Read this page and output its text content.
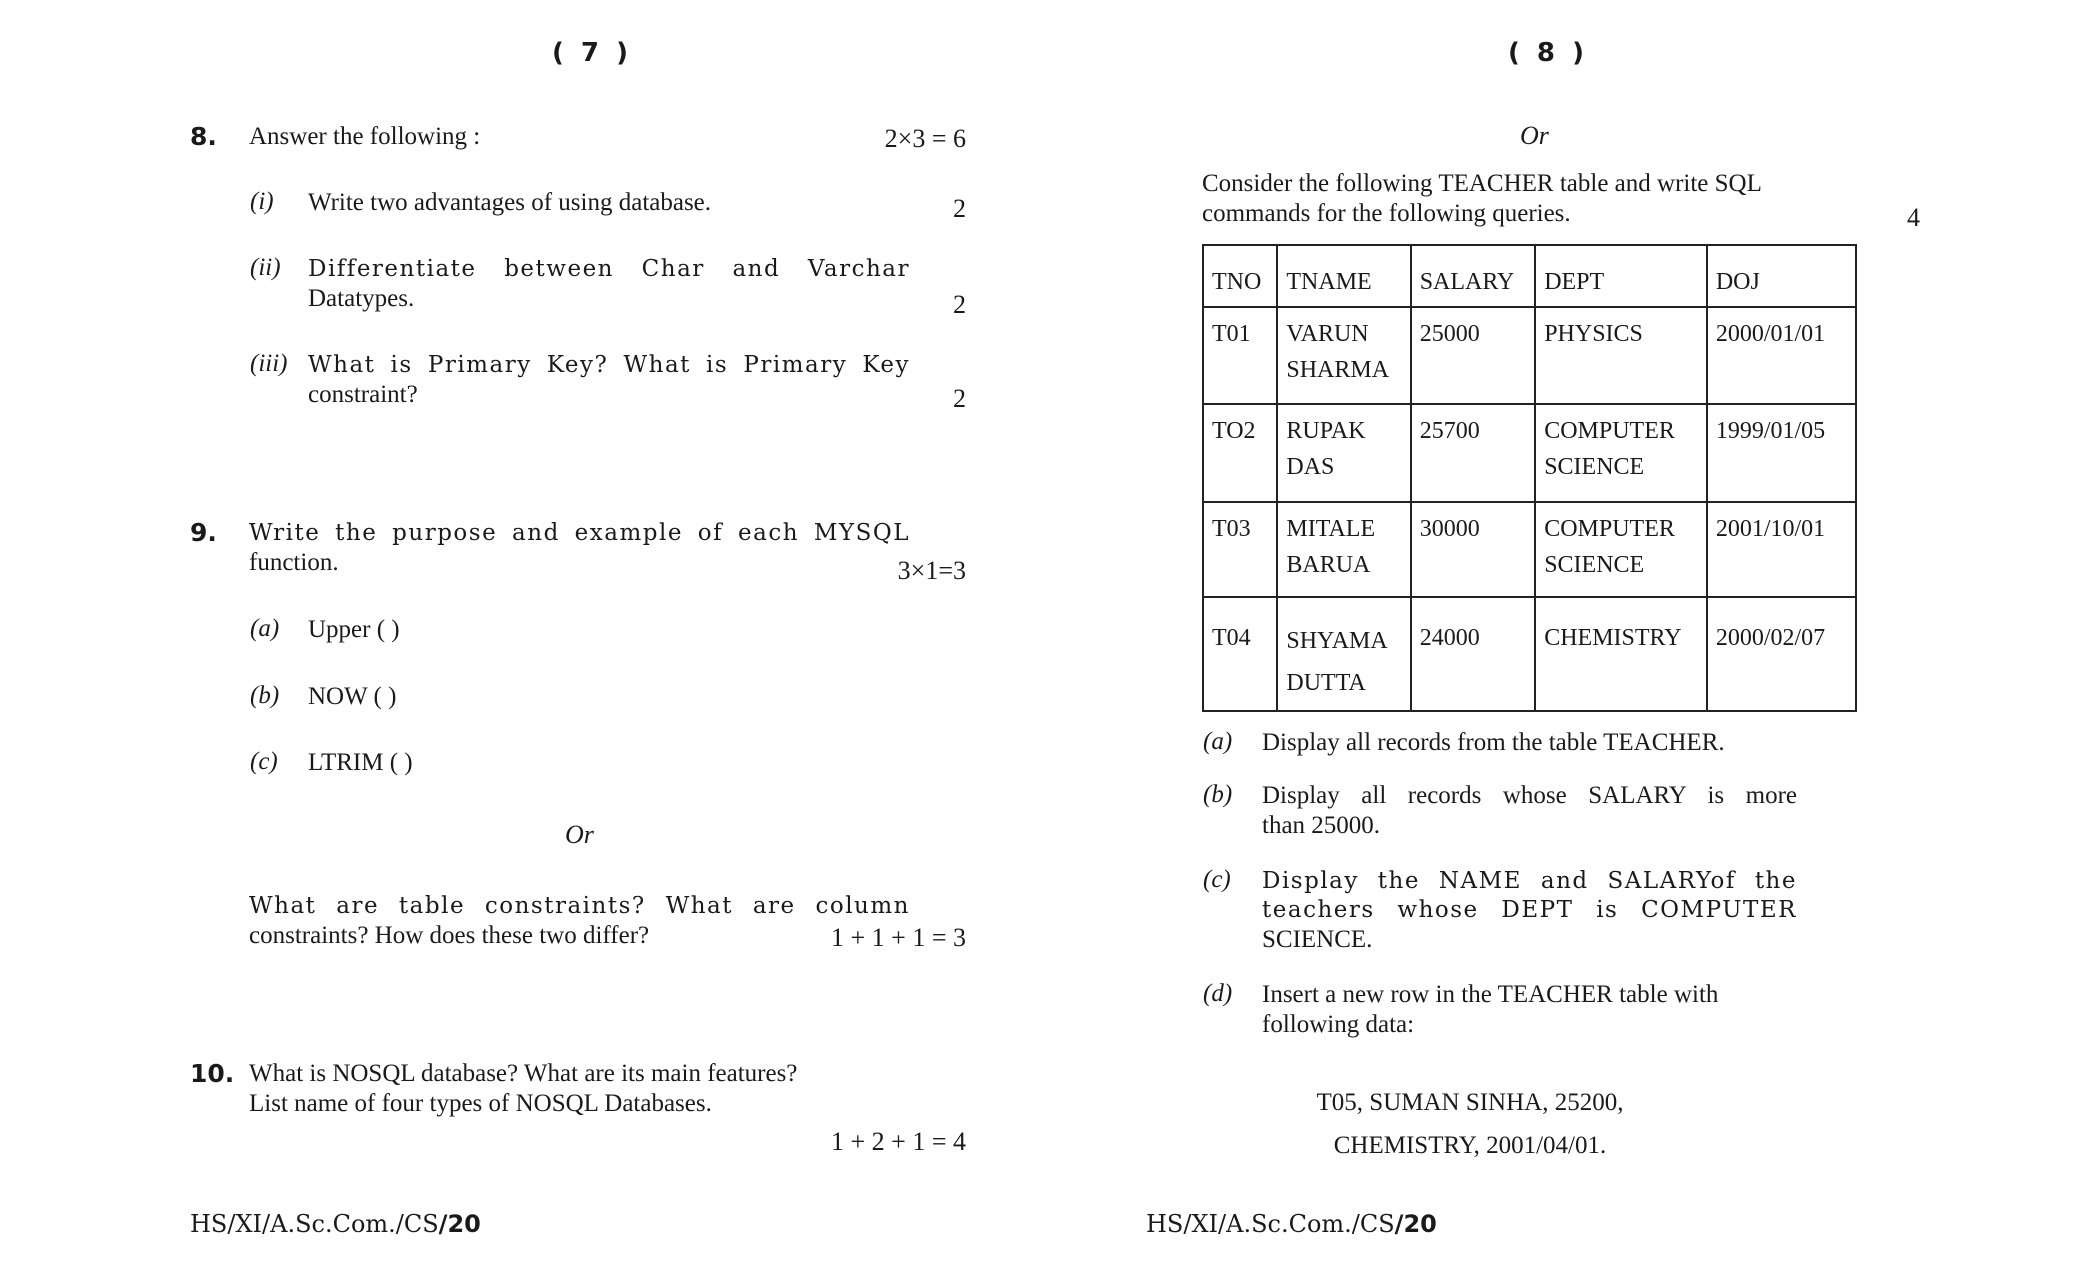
( 7 )
8. Answer the following :	2×3 = 6
(i) Write two advantages of using database.	2
(ii) Differentiate between Char and Varchar
Datatypes.	2
(iii) What is Primary Key? What is Primary Key
constraint?	2
9. Write the purpose and example of each MYSQL
function.	3×1=3
(a) Upper ( )
(b) NOW ( )
(c) LTRIM ( )
Or
What are table constraints? What are column
constraints? How does these two differ?	1 + 1 + 1 = 3
10. What is NOSQL database? What are its main features?
List name of four types of NOSQL Databases.
1 + 2 + 1 = 4
HS/XI/A.Sc.Com./CS/20
( 8 )
Or
Consider the following TEACHER table and write SQL
commands for the following queries.	4
TNO	TNAME	SALARY	DEPT	DOJ
T01	VARUN SHARMA	25000	PHYSICS	2000/01/01
TO2	RUPAK DAS	25700	COMPUTER SCIENCE	1999/01/05
T03	MITALE BARUA	30000	COMPUTER SCIENCE	2001/10/01
T04	SHYAMA DUTTA	24000	CHEMISTRY	2000/02/07
(a) Display all records from the table TEACHER.
(b) Display all records whose SALARY is more
than 25000.
(c) Display the NAME and SALARYof the
teachers whose DEPT is COMPUTER
SCIENCE.
(d) Insert a new row in the TEACHER table with
following data:
T05, SUMAN SINHA, 25200,
CHEMISTRY, 2001/04/01.
HS/XI/A.Sc.Com./CS/20
